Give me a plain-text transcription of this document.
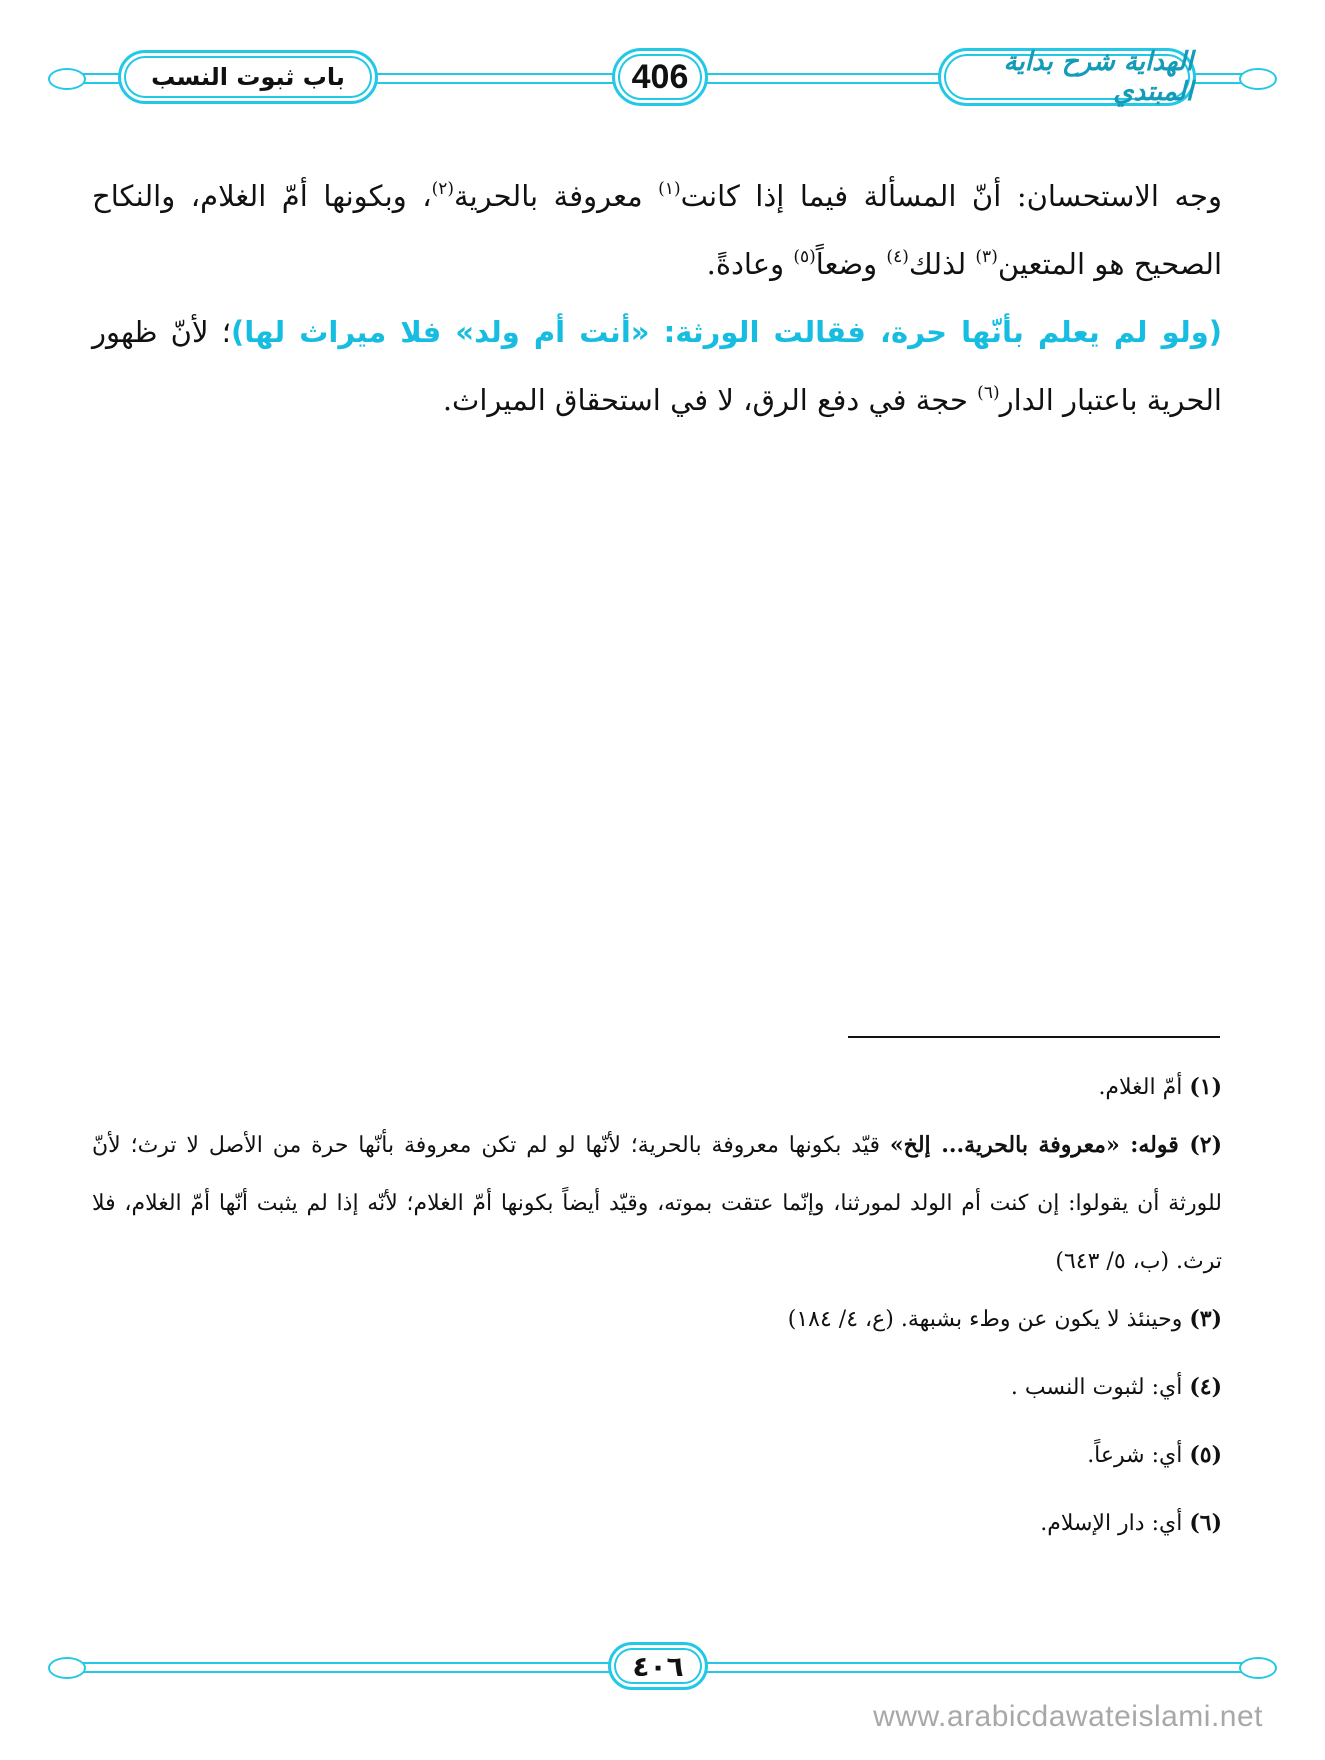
الهداية شرح بداية المبتدي
406
باب ثبوت النسب

وجه الاستحسان: أنّ المسألة فيما إذا كانت$^{(١)}$ معروفة بالحرية$^{(٢)}$، وبكونها أمّ الغلام، والنكاح الصحيح هو المتعين$^{(٣)}$ لذلك$^{(٤)}$ وضعاً$^{(٥)}$ وعادةً.

(ولو لم يعلم بأنّها حرة، فقالت الورثة: «أنت أم ولد» فلا ميراث لها)؛ لأنّ ظهور الحرية باعتبار الدار$^{(٦)}$ حجة في دفع الرق، لا في استحقاق الميراث.

(١) أمّ الغلام.

(٢) قوله: «معروفة بالحرية... إلخ» قيّد بكونها معروفة بالحرية؛ لأنّها لو لم تكن معروفة بأنّها حرة من الأصل لا ترث؛ لأنّ للورثة أن يقولوا: إن كنت أم الولد لمورثنا، وإنّما عتقت بموته، وقيّد أيضاً بكونها أمّ الغلام؛ لأنّه إذا لم يثبت أنّها أمّ الغلام، فلا ترث. (ب، ٥/ ٦٤٣)

(٣) وحينئذ لا يكون عن وطء بشبهة. (ع، ٤/ ١٨٤)

(٤) أي: لثبوت النسب .

(٥) أي: شرعاً.

(٦) أي: دار الإسلام.

٤٠٦
www.arabicdawateislami.net
